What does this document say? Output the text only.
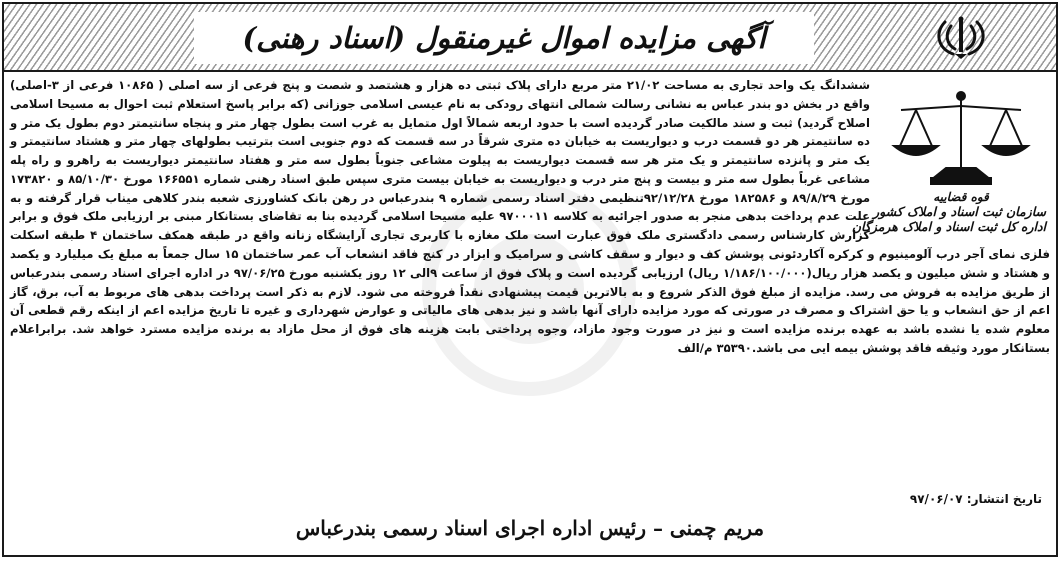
آگهی مزایده اموال غیرمنقول (اسناد رهنی)
قوه قضاییه
سازمان ثبت اسناد و املاک کشور
اداره کل ثبت اسناد و املاک هرمزگان
ششدانگ یک واحد تجاری به مساحت ۲۱/۰۲ متر مربع دارای پلاک ثبتی ده هزار و هشتصد و شصت و پنج فرعی از سه اصلی ( ۱۰۸۶۵ فرعی از ۳-اصلی) واقع در بخش دو بندر عباس به نشانی رسالت شمالی انتهای رودکی به نام عیسی اسلامی جوزانی (که برابر پاسخ استعلام ثبت احوال به مسیحا اسلامی اصلاح گردید) ثبت و سند مالکیت صادر گردیده است با حدود اربعه شمالاً اول متمایل به غرب است بطول چهار متر و پنجاه سانتیمتر دوم بطول یک متر و ده سانتیمتر هر دو قسمت درب و دیواریست به خیابان ده متری شرقاً در سه قسمت که دوم جنوبی است بترتیب بطولهای چهار متر و هشتاد سانتیمتر و یک متر و پانزده سانتیمتر و یک متر هر سه قسمت دیواریست به پیلوت مشاعی جنوباً بطول سه متر و هفتاد سانتیمتر دیواریست به راهرو و راه پله مشاعی غرباً بطول سه متر و بیست و پنج متر درب و دیواریست به خیابان بیست متری سپس طبق اسناد رهنی شماره ۱۶۶۵۵۱ مورخ ۸۵/۱۰/۳۰ و ۱۷۳۸۲۰ مورخ ۸۹/۸/۲۹ و ۱۸۲۵۸۶ مورخ ۹۲/۱۲/۲۸تنظیمی دفتر اسناد رسمی شماره ۹ بندرعباس در رهن بانک کشاورزی شعبه بندر کلاهی میناب قرار گرفته و به علت عدم پرداخت بدهی منجر به صدور اجرائیه به کلاسه ۹۷۰۰۰۱۱ علیه مسیحا اسلامی گردیده بنا به تقاضای بستانکار مبنی بر ارزیابی ملک فوق و برابر گزارش کارشناس رسمی دادگستری ملک فوق عبارت است ملک مغازه با کاربری تجاری آرایشگاه زنانه واقع در طبقه همکف ساختمان ۴ طبقه اسکلت فلزی نمای آجر درب آلومینیوم و کرکره آکاردئونی پوشش کف و دیوار و سقف کاشی و سرامیک و ابزار در کنج فاقد انشعاب آب عمر ساختمان ۱۵ سال جمعاً به مبلغ یک میلیارد و یکصد و هشتاد و شش میلیون و یکصد هزار ریال(۱/۱۸۶/۱۰۰/۰۰۰ ریال) ارزیابی گردیده است و پلاک فوق از ساعت ۹الی ۱۲ روز یکشنبه مورخ ۹۷/۰۶/۲۵ در اداره اجرای اسناد رسمی بندرعباس از طریق مزایده به فروش می رسد. مزایده از مبلغ فوق الذکر شروع و به بالاترین قیمت پیشنهادی نقداً فروخته می شود. لازم به ذکر است پرداخت بدهی های مربوط به آب، برق، گاز اعم از حق انشعاب و یا حق اشتراک و مصرف در صورتی که مورد مزایده دارای آنها باشد و نیز بدهی های مالیاتی و عوارض شهرداری و غیره تا تاریخ مزایده اعم از اینکه رقم قطعی آن معلوم شده یا نشده باشد به عهده برنده مزایده است و نیز در صورت وجود مازاد، وجوه پرداختی بابت هزینه های فوق از محل مازاد به برنده مزایده مسترد خواهد شد. برابراعلام بستانکار مورد وثیقه فاقد پوشش بیمه ایی می باشد.۳۵۳۹۰ م/الف
تاریخ انتشار: ۹۷/۰۶/۰۷
مریم چمنی – رئیس اداره اجرای اسناد رسمی بندرعباس
